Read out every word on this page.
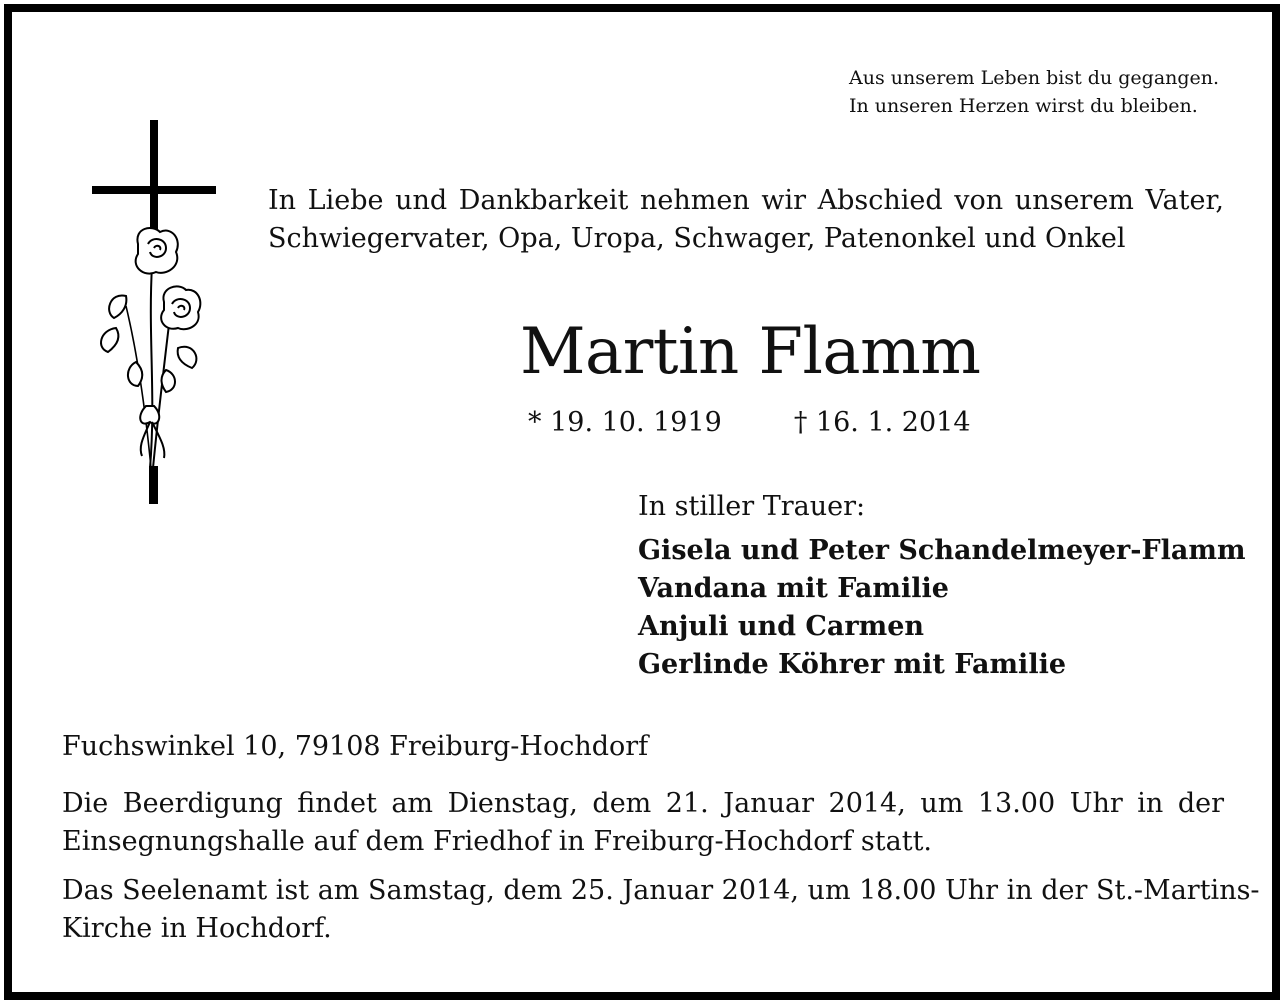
Aus unserem Leben bist du gegangen.
In unseren Herzen wirst du bleiben.
In Liebe und Dankbarkeit nehmen wir Abschied von unserem Vater,
Schwiegervater, Opa, Uropa, Schwager, Patenonkel und Onkel
Martin Flamm
* 19. 10. 1919	† 16. 1. 2014
In stiller Trauer:
Gisela und Peter Schandelmeyer-Flamm
Vandana mit Familie
Anjuli und Carmen
Gerlinde Köhrer mit Familie
Fuchswinkel 10, 79108 Freiburg-Hochdorf
Die Beerdigung findet am Dienstag, dem 21. Januar 2014, um 13.00 Uhr in der
Einsegnungshalle auf dem Friedhof in Freiburg-Hochdorf statt.
Das Seelenamt ist am Samstag, dem 25. Januar 2014, um 18.00 Uhr in der St.-Martins-
Kirche in Hochdorf.
